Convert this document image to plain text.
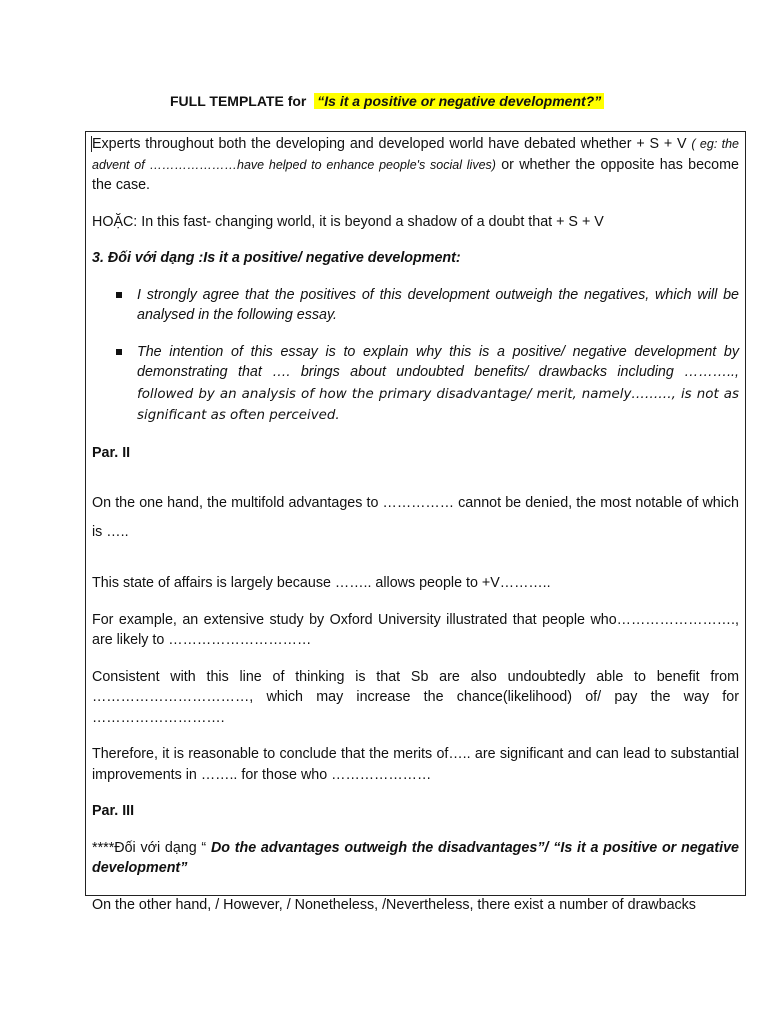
FULL TEMPLATE for “Is it a positive or negative development?”

Experts throughout both the developing and developed world have debated whether + S + V ( eg: the advent of …………………have helped to enhance people's social lives) or whether the opposite has become the case.

HOẶC: In this fast- changing world, it is beyond a shadow of a doubt that + S + V

3. Đối với dạng :Is it a positive/ negative development:

I strongly agree that the positives of this development outweigh the negatives, which will be analysed in the following essay.
The intention of this essay is to explain why this is a positive/ negative development by demonstrating that …. brings about undoubted benefits/ drawbacks including ……….., followed by an analysis of how the primary disadvantage/ merit, namely………, is not as significant as often perceived.

Par. II

On the one hand, the multifold advantages to …………… cannot be denied, the most notable of which is …..

This state of affairs is largely because …….. allows people to +V………..

For example, an extensive study by Oxford University illustrated that people who……………………., are likely to …………………………

Consistent with this line of thinking is that Sb are also undoubtedly able to benefit from ……………………………, which may increase the chance(likelihood) of/ pay the way for ……………………….

Therefore, it is reasonable to conclude that the merits of….. are significant and can lead to substantial improvements in …….. for those who …………………

Par. III

****Đối với dạng “ Do the advantages outweigh the disadvantages”/ “Is it a positive or negative development”

On the other hand, / However, / Nonetheless, /Nevertheless, there exist a number of drawbacks
